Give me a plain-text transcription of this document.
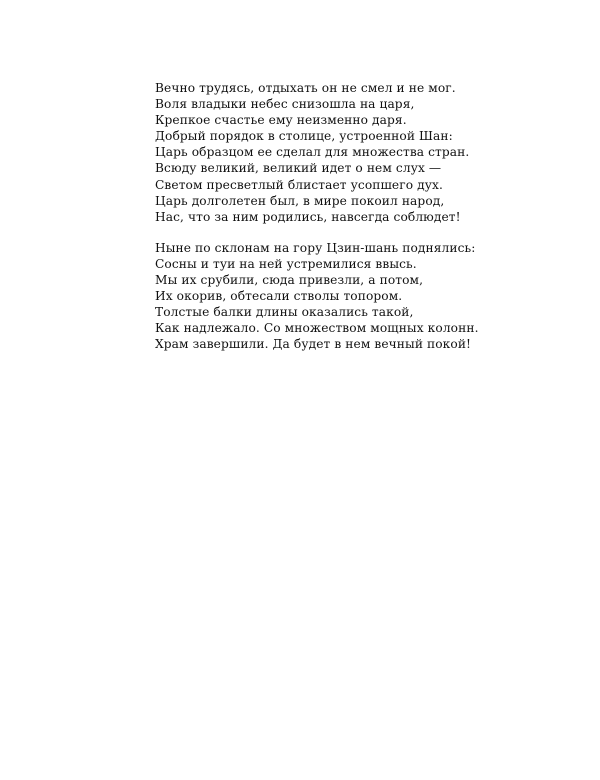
Вечно трудясь, отдыхать он не смел и не мог.
Воля владыки небес снизошла на царя,
Крепкое счастье ему неизменно даря.
Добрый порядок в столице, устроенной Шан:
Царь образцом ее сделал для множества стран.
Всюду великий, великий идет о нем слух —
Светом пресветлый блистает усопшего дух.
Царь долголетен был, в мире покоил народ,
Нас, что за ним родились, навсегда соблюдет!
Ныне по склонам на гору Цзин-шань поднялись:
Сосны и туи на ней устремилися ввысь.
Мы их срубили, сюда привезли, а потом,
Их окорив, обтесали стволы топором.
Толстые балки длины оказались такой,
Как надлежало. Со множеством мощных колонн.
Храм завершили. Да будет в нем вечный покой!
